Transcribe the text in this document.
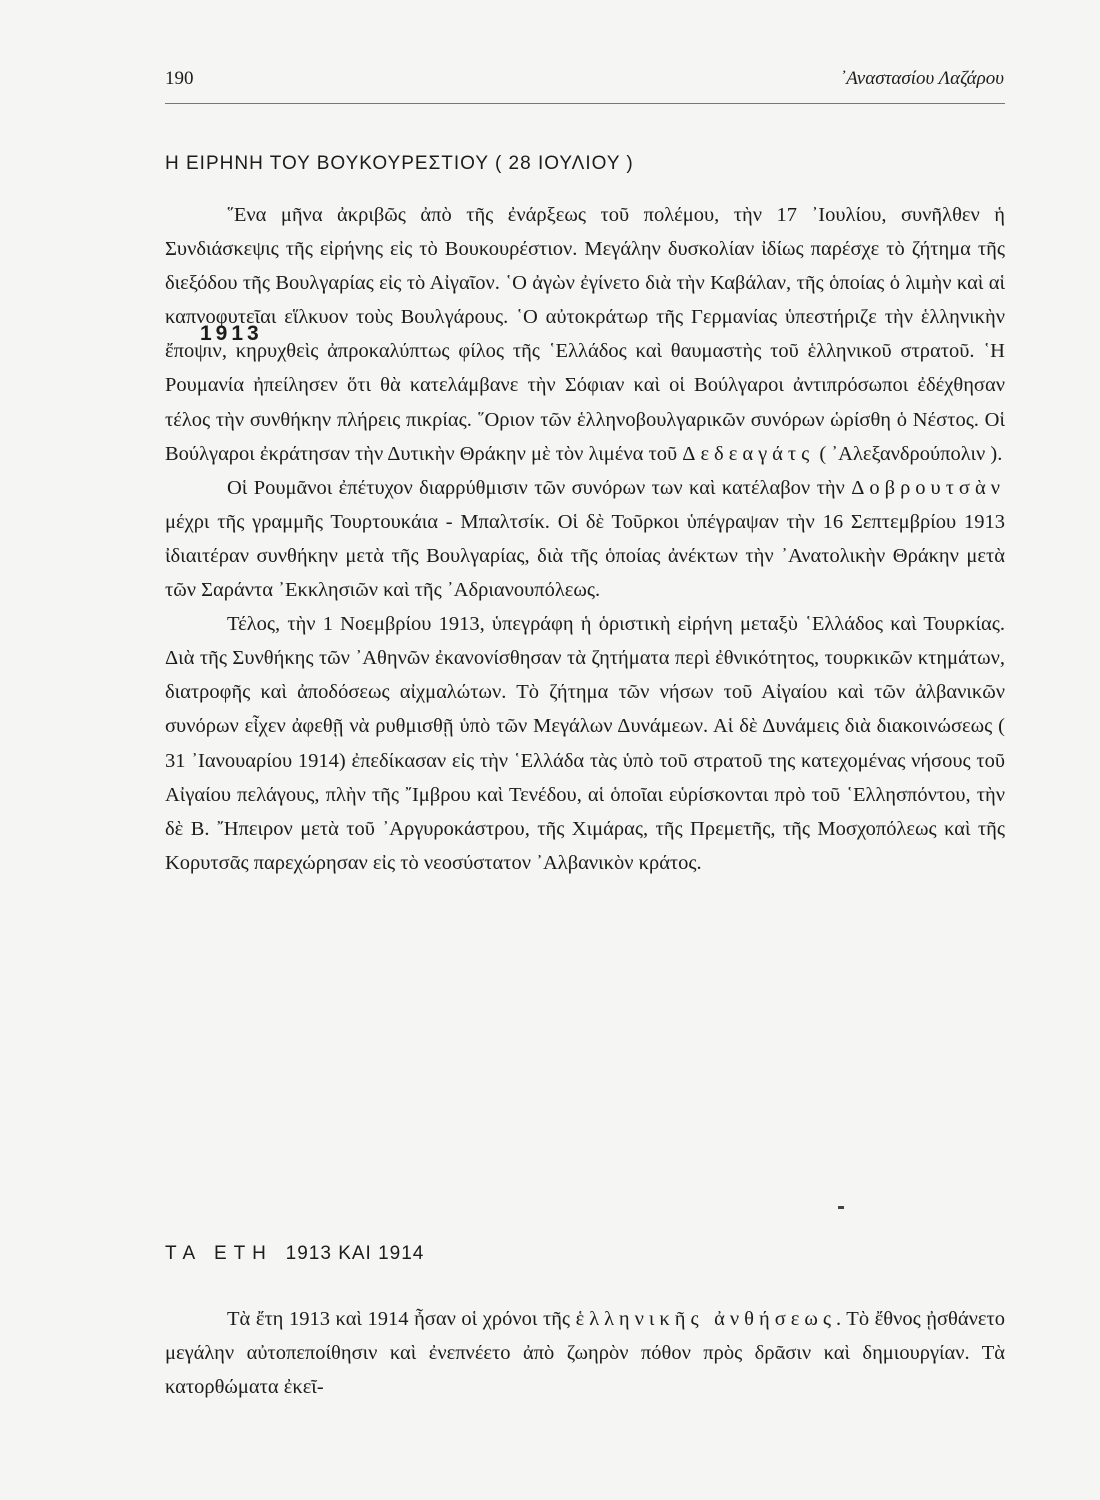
190	᾿Αναστασίου Λαζάρου
Η ΕΙΡΗΝΗ ΤΟΥ ΒΟΥΚΟΥΡΕΣΤΙΟΥ ( 28 ΙΟΥΛΙΟΥ )
1913

῞Ενα μῆνα ἀκριβῶς ἀπὸ τῆς ἐνάρξεως τοῦ πολέμου, τὴν 17 ᾿Ιουλίου, συνῆλθεν ἡ Συνδιάσκεψις τῆς εἰρήνης εἰς τὸ Βουκουρέστιον. Μεγάλην δυσκολίαν ἰδίως παρέσχε τὸ ζήτημα τῆς διεξόδου τῆς Βουλγαρίας εἰς τὸ Αἰγαῖον. ῾Ο ἀγὼν ἐγίνετο διὰ τὴν Καβάλαν, τῆς ὁποίας ὁ λιμὴν καὶ αἱ καπνοφυτεῖαι εἵλκυον τοὺς Βουλγάρους. ῾Ο αὐτοκράτωρ τῆς Γερμανίας ὑπεστήριζε τὴν ἑλληνικὴν ἔποψιν, κηρυχθεὶς ἀπροκαλύπτως φίλος τῆς ῾Ελλάδος καὶ θαυμαστὴς τοῦ ἑλληνικοῦ στρατοῦ. ῾Η Ρουμανία ἠπείλησεν ὅτι θὰ κατελάμβανε τὴν Σόφιαν καὶ οἱ Βούλγαροι ἀντιπρόσωποι ἐδέχθησαν τέλος τὴν συνθήκην πλήρεις πικρίας. ῞Οριον τῶν ἑλληνοβουλγαρικῶν συνόρων ὡρίσθη ὁ Νέστος. Οἱ Βούλγαροι ἐκράτησαν τὴν Δυτικὴν Θράκην μὲ τὸν λιμένα τοῦ Δεδεαγάτς ( ᾿Αλεξανδρούπολιν ).

Οἱ Ρουμᾶνοι ἐπέτυχον διαρρύθμισιν τῶν συνόρων των καὶ κατέλαβον τὴν Δοβρουτσὰν μέχρι τῆς γραμμῆς Τουρτουκάια - Μπαλτσίκ. Οἱ δὲ Τοῦρκοι ὑπέγραψαν τὴν 16 Σεπτεμβρίου 1913 ἰδιαιτέραν συνθήκην μετὰ τῆς Βουλγαρίας, διὰ τῆς ὁποίας ἀνέκτων τὴν ᾿Ανατολικὴν Θράκην μετὰ τῶν Σαράντα ᾿Εκκλησιῶν καὶ τῆς ᾿Αδριανουπόλεως.

Τέλος, τὴν 1 Νοεμβρίου 1913, ὑπεγράφη ἡ ὁριστικὴ εἰρήνη μεταξὺ ῾Ελλάδος καὶ Τουρκίας. Διὰ τῆς Συνθήκης τῶν ᾿Αθηνῶν ἐκανονίσθησαν τὰ ζητήματα περὶ ἐθνικότητος, τουρκικῶν κτημάτων, διατροφῆς καὶ ἀποδόσεως αἰχμαλώτων. Τὸ ζήτημα τῶν νήσων τοῦ Αἰγαίου καὶ τῶν ἀλβανικῶν συνόρων εἶχεν ἀφεθῇ νὰ ρυθμισθῇ ὑπὸ τῶν Μεγάλων Δυνάμεων. Αἱ δὲ Δυνάμεις διὰ διακοινώσεως ( 31 ᾿Ιανουαρίου 1914) ἐπεδίκασαν εἰς τὴν ῾Ελλάδα τὰς ὑπὸ τοῦ στρατοῦ της κατεχομένας νήσους τοῦ Αἰγαίου πελάγους, πλὴν τῆς ῎Ιμβρου καὶ Τενέδου, αἱ ὁποῖαι εὑρίσκονται πρὸ τοῦ ῾Ελλησπόντου, τὴν δὲ Β. ῎Ηπειρον μετὰ τοῦ ᾿Αργυροκάστρου, τῆς Χιμάρας, τῆς Πρεμετῆς, τῆς Μοσχοπόλεως καὶ τῆς Κορυτσᾶς παρεχώρησαν εἰς τὸ νεοσύστατον ᾿Αλβανικὸν κράτος.

Τ Α   Ε Τ Η   1913 ΚΑΙ 1914

Τὰ ἔτη 1913 καὶ 1914 ἦσαν οἱ χρόνοι τῆς ἑλληνικῆς ἀνθήσεως. Τὸ ἔθνος ᾐσθάνετο μεγάλην αὐτοπεποίθησιν καὶ ἐνεπνέετο ἀπὸ ζωηρὸν πόθον πρὸς δρᾶσιν καὶ δημιουργίαν. Τὰ κατορθώματα ἐκεῖ-
